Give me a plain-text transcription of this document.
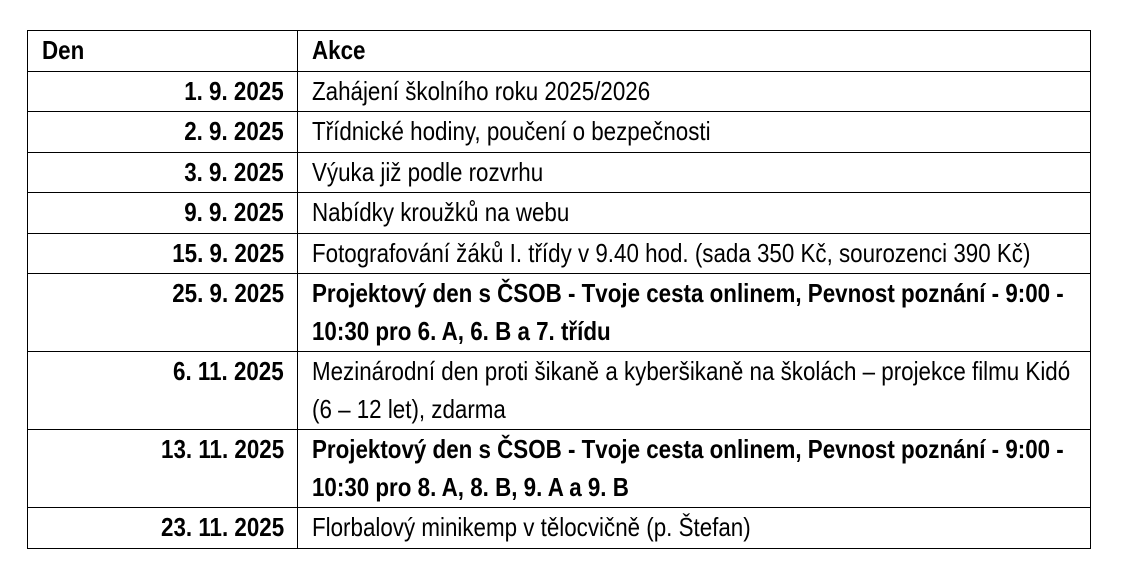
Den	Akce
1. 9. 2025	Zahájení školního roku 2025/2026
2. 9. 2025	Třídnické hodiny, poučení o bezpečnosti
3. 9. 2025	Výuka již podle rozvrhu
9. 9. 2025	Nabídky kroužků na webu
15. 9. 2025	Fotografování žáků I. třídy v 9.40 hod. (sada 350 Kč, sourozenci 390 Kč)
25. 9. 2025	Projektový den s ČSOB - Tvoje cesta onlinem, Pevnost poznání - 9:00 - 10:30 pro 6. A, 6. B a 7. třídu
6. 11. 2025	Mezinárodní den proti šikaně a kyberšikaně na školách – projekce filmu Kidó (6 – 12 let), zdarma
13. 11. 2025	Projektový den s ČSOB - Tvoje cesta onlinem, Pevnost poznání - 9:00 - 10:30 pro 8. A, 8. B, 9. A a 9. B
23. 11. 2025	Florbalový minikemp v tělocvičně (p. Štefan)
